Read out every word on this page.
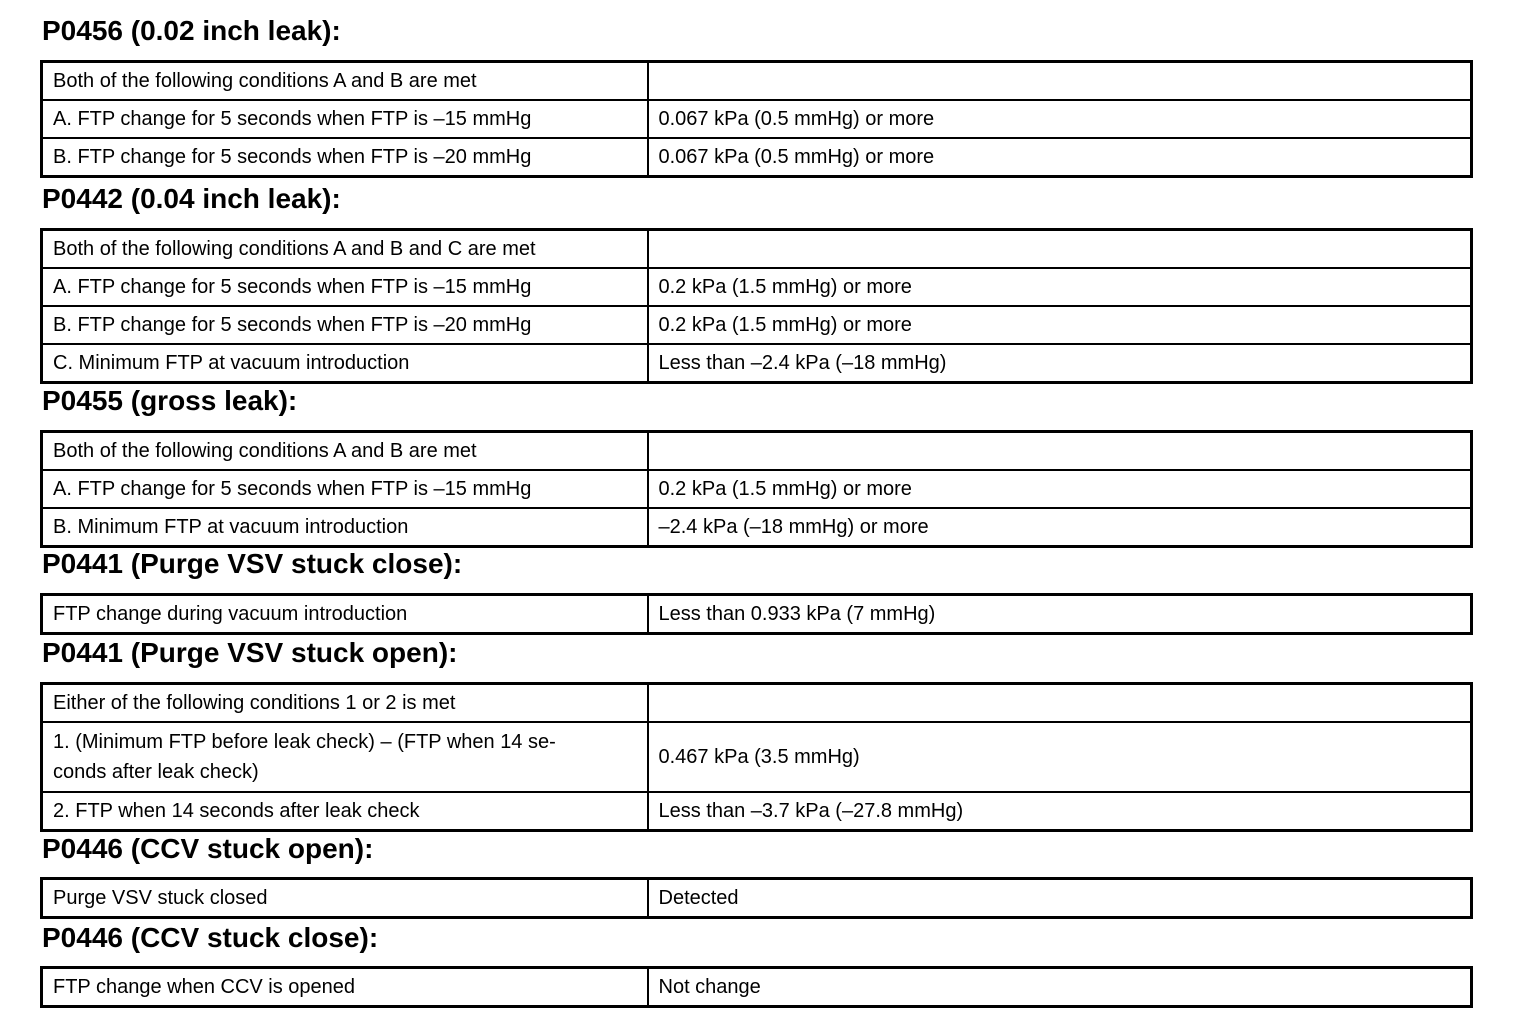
P0456 (0.02 inch leak):
Both of the following conditions A and B are met	
A. FTP change for 5 seconds when FTP is –15 mmHg	0.067 kPa (0.5 mmHg) or more
B. FTP change for 5 seconds when FTP is –20 mmHg	0.067 kPa (0.5 mmHg) or more
P0442 (0.04 inch leak):
Both of the following conditions A and B and C are met	
A. FTP change for 5 seconds when FTP is –15 mmHg	0.2 kPa (1.5 mmHg) or more
B. FTP change for 5 seconds when FTP is –20 mmHg	0.2 kPa (1.5 mmHg) or more
C. Minimum FTP at vacuum introduction	Less than –2.4 kPa (–18 mmHg)
P0455 (gross leak):
Both of the following conditions A and B are met	
A. FTP change for 5 seconds when FTP is –15 mmHg	0.2 kPa (1.5 mmHg) or more
B. Minimum FTP at vacuum introduction	–2.4 kPa (–18 mmHg) or more
P0441 (Purge VSV stuck close):
FTP change during vacuum introduction	Less than 0.933 kPa (7 mmHg)
P0441 (Purge VSV stuck open):
Either of the following conditions 1 or 2 is met	
1. (Minimum FTP before leak check) – (FTP when 14 se-
conds after leak check)	0.467 kPa (3.5 mmHg)
2. FTP when 14 seconds after leak check	Less than –3.7 kPa (–27.8 mmHg)
P0446 (CCV stuck open):
Purge VSV stuck closed	Detected
P0446 (CCV stuck close):
FTP change when CCV is opened	Not change
